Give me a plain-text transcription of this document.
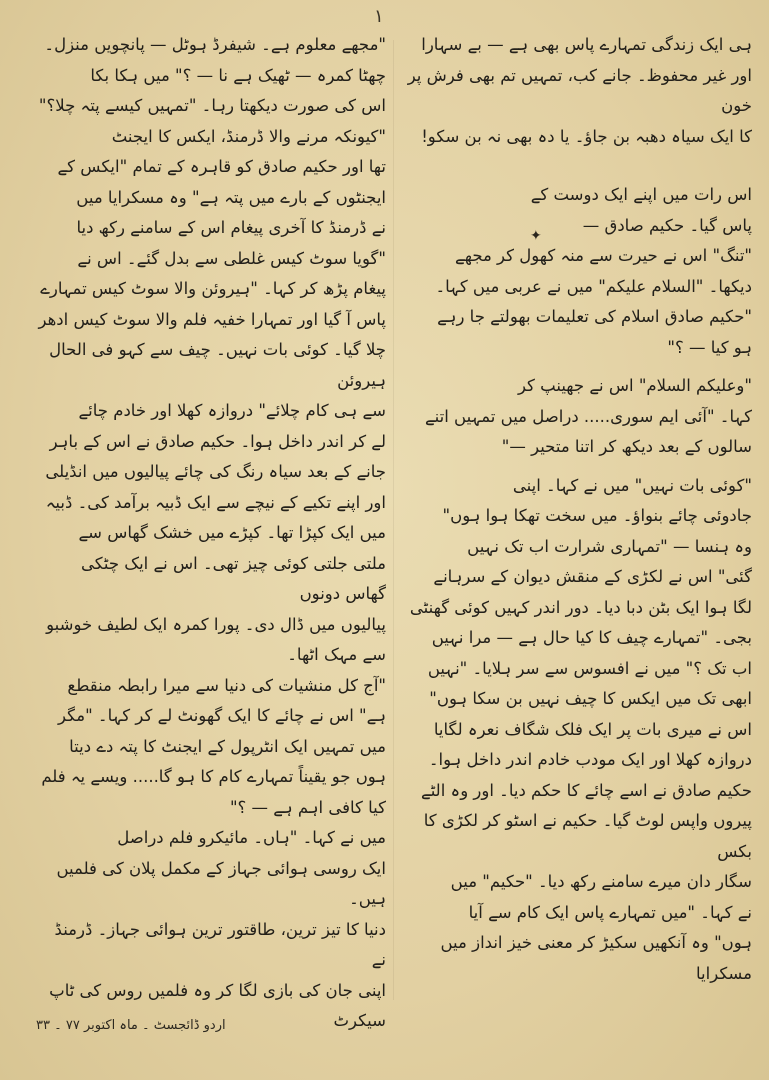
۱

ہی ایک زندگی تمہارے پاس بھی ہے — بے سہارا

اور غیر محفوظ۔ جانے کب، تمہیں تم بھی فرش پر خون

کا ایک سیاہ دھبہ بن جاؤ۔ یا دہ بھی نہ بن سکو!

اس رات میں اپنے ایک دوست کے

پاس گیا۔ حکیم صادق —

"تنگ" اس نے حیرت سے منہ کھول کر مجھے

دیکھا۔ "السلام علیکم" میں نے عربی میں کہا۔

"حکیم صادق اسلام کی تعلیمات بھولتے جا رہے

ہو کیا — ؟"

"وعلیکم السلام" اس نے جھینپ کر

کہا۔ "آئی ایم سوری..... دراصل میں تمہیں اتنے

سالوں کے بعد دیکھ کر اتنا متحیر —"

"کوئی بات نہیں" میں نے کہا۔ اپنی

جادوئی چائے بنواؤ۔ میں سخت تھکا ہوا ہوں"

وہ ہنسا — "تمہاری شرارت اب تک نہیں

گئی" اس نے لکڑی کے منقش دیوان کے سرہانے

لگا ہوا ایک بٹن دبا دیا۔ دور اندر کہیں کوئی گھنٹی

بجی۔ "تمہارے چیف کا کیا حال ہے — مرا نہیں

اب تک ؟" میں نے افسوس سے سر ہلایا۔ "نہیں

ابھی تک میں ایکس کا چیف نہیں بن سکا ہوں"

اس نے میری بات پر ایک فلک شگاف نعرہ لگایا

دروازہ کھلا اور ایک مودب خادم اندر داخل ہوا۔

حکیم صادق نے اسے چائے کا حکم دیا۔ اور وہ الٹے

پیروں واپس لوٹ گیا۔ حکیم نے اسٹو کر لکڑی کا بکس

سگار دان میرے سامنے رکھ دیا۔ "حکیم" میں

نے کہا۔ "میں تمہارے پاس ایک کام سے آیا

ہوں" وہ آنکھیں سکیڑ کر معنی خیز انداز میں مسکرایا

"مجھے معلوم ہے۔ شیفرڈ ہوٹل — پانچویں منزل۔

چھٹا کمرہ — ٹھیک ہے نا — ؟" میں ہکا بکا

اس کی صورت دیکھتا رہا۔ "تمہیں کیسے پتہ چلا؟"

"کیونکہ مرنے والا ڈرمنڈ، ایکس کا ایجنٹ

تھا اور حکیم صادق کو قاہرہ کے تمام "ایکس کے

ایجنٹوں کے بارے میں پتہ ہے" وہ مسکرایا میں

نے ڈرمنڈ کا آخری پیغام اس کے سامنے رکھ دیا

"گویا سوٹ کیس غلطی سے بدل گئے۔ اس نے

پیغام پڑھ کر کہا۔ "ہیروئن والا سوٹ کیس تمہارے

پاس آ گیا اور تمہارا خفیہ فلم والا سوٹ کیس ادھر

چلا گیا۔ کوئی بات نہیں۔ چیف سے کہو فی الحال ہیروئن

سے ہی کام چلائے" دروازہ کھلا اور خادم چائے

لے کر اندر داخل ہوا۔ حکیم صادق نے اس کے باہر

جانے کے بعد سیاہ رنگ کی چائے پیالیوں میں انڈیلی

اور اپنے تکیے کے نیچے سے ایک ڈبیہ برآمد کی۔ ڈبیہ

میں ایک کپڑا تھا۔ کپڑے میں خشک گھاس سے

ملتی جلتی کوئی چیز تھی۔ اس نے ایک چٹکی گھاس دونوں

پیالیوں میں ڈال دی۔ پورا کمرہ ایک لطیف خوشبو

سے مہک اٹھا۔

"آج کل منشیات کی دنیا سے میرا رابطہ منقطع

ہے" اس نے چائے کا ایک گھونٹ لے کر کہا۔ "مگر

میں تمہیں ایک انٹرپول کے ایجنٹ کا پتہ دے دیتا

ہوں جو یقیناً تمہارے کام کا ہو گا..... ویسے یہ فلم

کیا کافی اہم ہے — ؟"

میں نے کہا۔ "ہاں۔ مائیکرو فلم دراصل

ایک روسی ہوائی جہاز کے مکمل پلان کی فلمیں ہیں۔

دنیا کا تیز ترین، طاقتور ترین ہوائی جہاز۔ ڈرمنڈ نے

اپنی جان کی بازی لگا کر وہ فلمیں روس کی ٹاپ سیکرٹ

✦
اردو ڈائجسٹ ۔ ماہ اکتوبر ۷۷ ۔ ۳۳
